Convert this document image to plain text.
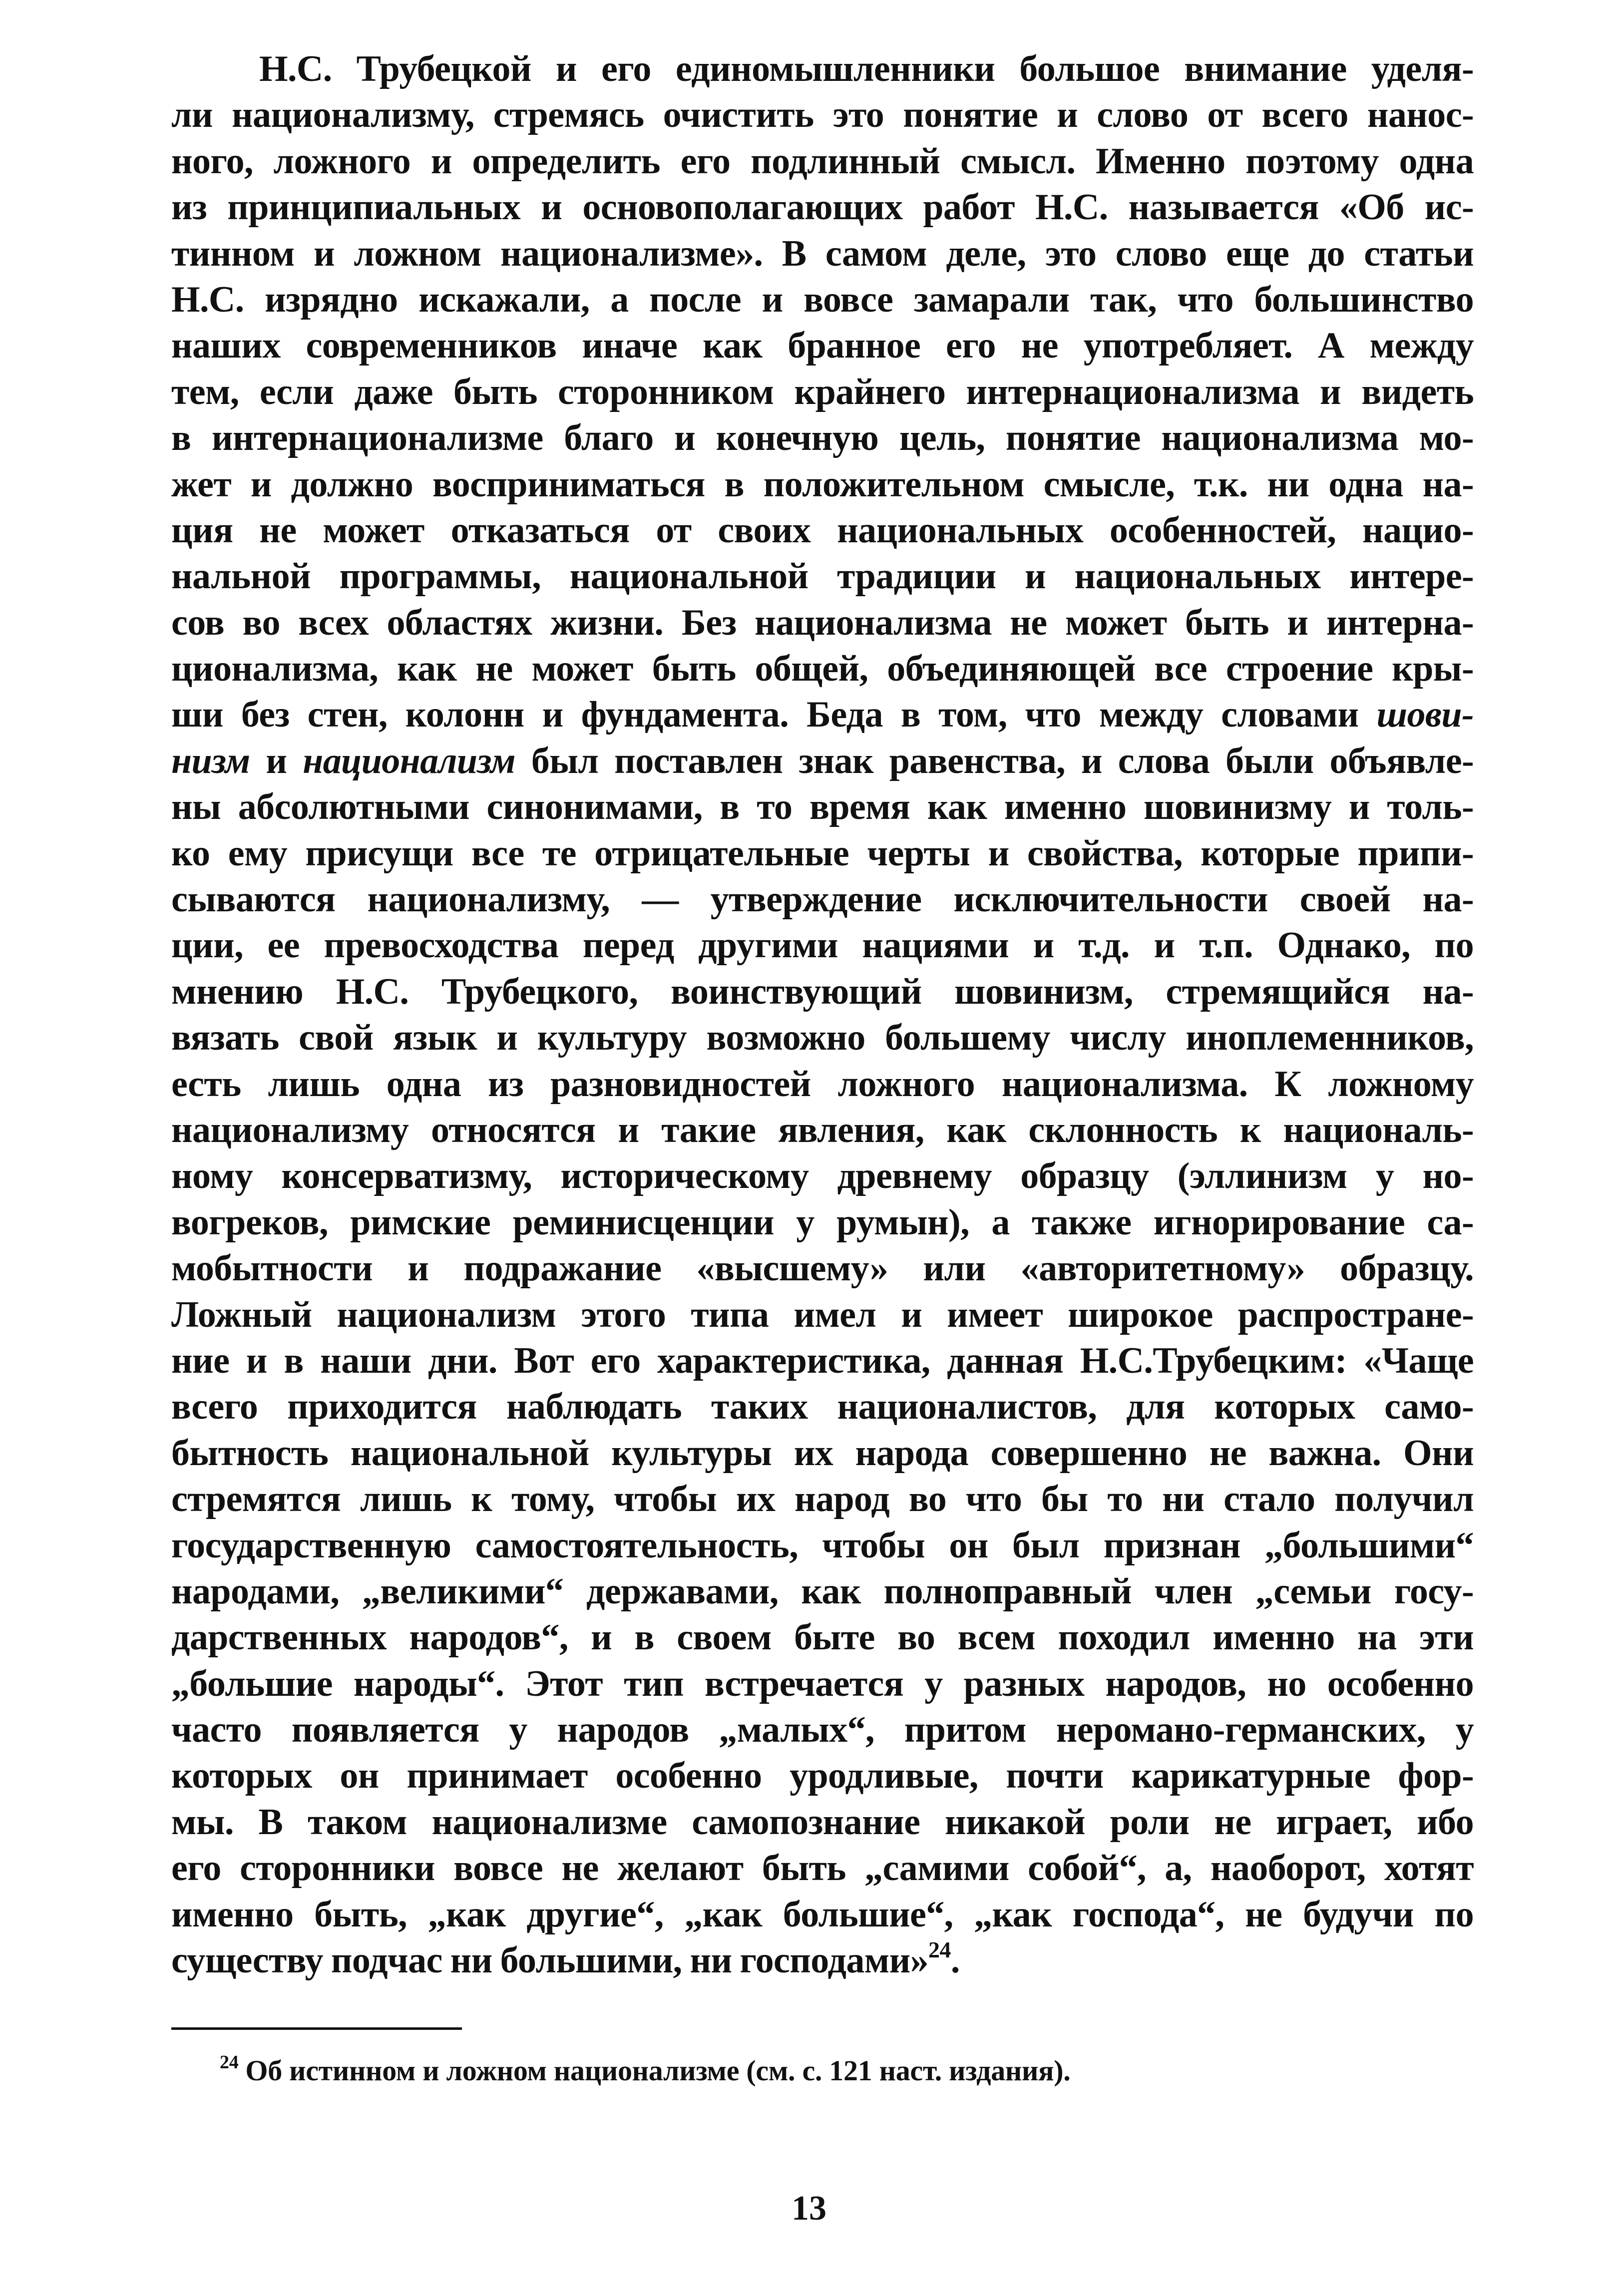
Н.С. Трубецкой и его единомышленники большое внимание уделя-
ли национализму, стремясь очистить это понятие и слово от всего нанос-
ного, ложного и определить его подлинный смысл. Именно поэтому одна
из принципиальных и основополагающих работ Н.С. называется «Об ис-
тинном и ложном национализме». В самом деле, это слово еще до статьи
Н.С. изрядно искажали, а после и вовсе замарали так, что большинство
наших современников иначе как бранное его не употребляет. А между
тем, если даже быть сторонником крайнего интернационализма и видеть
в интернационализме благо и конечную цель, понятие национализма мо-
жет и должно восприниматься в положительном смысле, т.к. ни одна на-
ция не может отказаться от своих национальных особенностей, нацио-
нальной программы, национальной традиции и национальных интере-
сов во всех областях жизни. Без национализма не может быть и интерна-
ционализма, как не может быть общей, объединяющей все строение кры-
ши без стен, колонн и фундамента. Беда в том, что между словами шови-
низм и национализм был поставлен знак равенства, и слова были объявле-
ны абсолютными синонимами, в то время как именно шовинизму и толь-
ко ему присущи все те отрицательные черты и свойства, которые припи-
сываются национализму, — утверждение исключительности своей на-
ции, ее превосходства перед другими нациями и т.д. и т.п. Однако, по
мнению Н.С. Трубецкого, воинствующий шовинизм, стремящийся на-
вязать свой язык и культуру возможно большему числу иноплеменников,
есть лишь одна из разновидностей ложного национализма. К ложному
национализму относятся и такие явления, как склонность к националь-
ному консерватизму, историческому древнему образцу (эллинизм у но-
вогреков, римские реминисценции у румын), а также игнорирование са-
мобытности и подражание «высшему» или «авторитетному» образцу.
Ложный национализм этого типа имел и имеет широкое распростране-
ние и в наши дни. Вот его характеристика, данная Н.С.Трубецким: «Чаще
всего приходится наблюдать таких националистов, для которых само-
бытность национальной культуры их народа совершенно не важна. Они
стремятся лишь к тому, чтобы их народ во что бы то ни стало получил
государственную самостоятельность, чтобы он был признан „большими“
народами, „великими“ державами, как полноправный член „семьи госу-
дарственных народов“, и в своем быте во всем походил именно на эти
„большие народы“. Этот тип встречается у разных народов, но особенно
часто появляется у народов „малых“, притом нероманo-германских, у
которых он принимает особенно уродливые, почти карикатурные фор-
мы. В таком национализме самопознание никакой роли не играет, ибо
его сторонники вовсе не желают быть „самими собой“, а, наоборот, хотят
именно быть, „как другие“, „как большие“, „как господа“, не будучи по
существу подчас ни большими, ни господами»$^{24}$.
$^{24}$ Об истинном и ложном национализме (см. с. 121 наст. издания).
13
